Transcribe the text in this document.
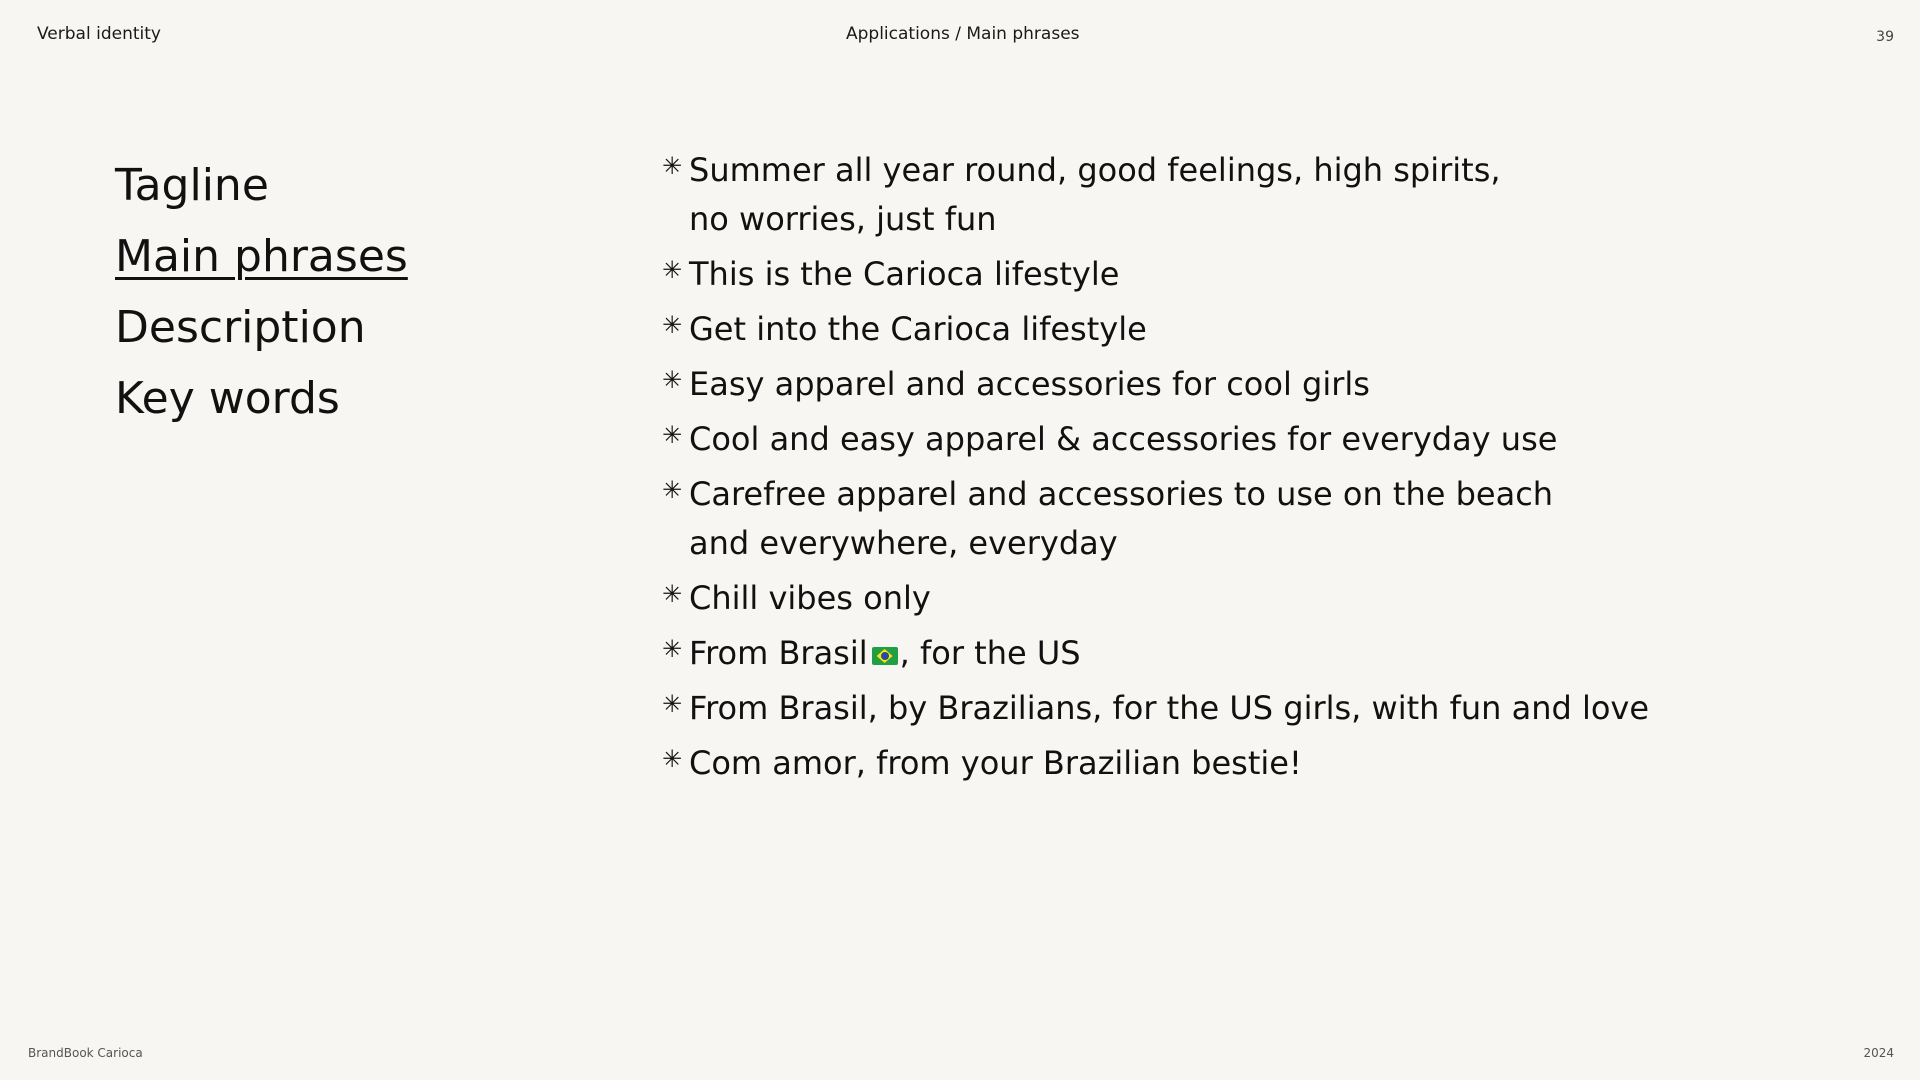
Verbal identity	Applications / Main phrases	39
Tagline
Main phrases
Description
Key words
✳ Summer all year round, good feelings, high spirits,
no worries, just fun
✳ This is the Carioca lifestyle
✳ Get into the Carioca lifestyle
✳ Easy apparel and accessories for cool girls
✳ Cool and easy apparel & accessories for everyday use
✳ Carefree apparel and accessories to use on the beach
and everywhere, everyday
✳ Chill vibes only
✳ From Brasil , for the US
✳ From Brasil, by Brazilians, for the US girls, with fun and love
✳ Com amor, from your Brazilian bestie!
BrandBook Carioca	2024
